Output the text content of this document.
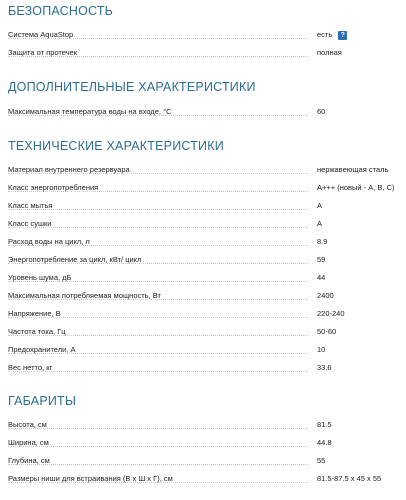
БЕЗОПАСНОСТЬ
Система AquaStop	есть	?
Защита от протечек	полная
ДОПОЛНИТЕЛЬНЫЕ ХАРАКТЕРИСТИКИ
Максимальная температура воды на входе, °C	60
ТЕХНИЧЕСКИЕ ХАРАКТЕРИСТИКИ
Материал внутреннего резервуара	нержавеющая сталь
Класс энергопотребления	A+++ (новый - A, B, C)
Класс мытья	A
Класс сушки	A
Расход воды на цикл, л	8.9
Энергопотребление за цикл, кВт/ цикл	59
Уровень шума, дБ	44
Максимальная потребляемая мощность, Вт	2400
Напряжение, В	220-240
Частота тока, Гц	50-60
Предохранители, А	10
Вес нетто, кг	33.6
ГАБАРИТЫ
Высота, см	81.5
Ширина, см	44.8
Глубина, см	55
Размеры ниши для встраивания (В x Ш x Г), см	81.5-87.5 x 45 x 55
